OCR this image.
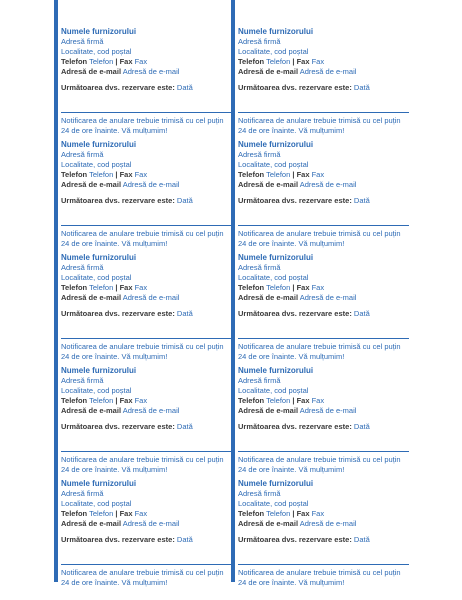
Numele furnizorului
Adresă firmă
Localitate, cod poștal
Telefon Telefon | Fax Fax
Adresă de e-mail Adresă de e-mail
Următoarea dvs. rezervare este: Dată
Notificarea de anulare trebuie trimisă cu cel puțin 24 de ore înainte. Vă mulțumim!
Numele furnizorului
Adresă firmă
Localitate, cod poștal
Telefon Telefon | Fax Fax
Adresă de e-mail Adresă de e-mail
Următoarea dvs. rezervare este: Dată
Notificarea de anulare trebuie trimisă cu cel puțin 24 de ore înainte. Vă mulțumim!
Numele furnizorului
Adresă firmă
Localitate, cod poștal
Telefon Telefon | Fax Fax
Adresă de e-mail Adresă de e-mail
Următoarea dvs. rezervare este: Dată
Notificarea de anulare trebuie trimisă cu cel puțin 24 de ore înainte. Vă mulțumim!
Numele furnizorului
Adresă firmă
Localitate, cod poștal
Telefon Telefon | Fax Fax
Adresă de e-mail Adresă de e-mail
Următoarea dvs. rezervare este: Dată
Notificarea de anulare trebuie trimisă cu cel puțin 24 de ore înainte. Vă mulțumim!
Numele furnizorului
Adresă firmă
Localitate, cod poștal
Telefon Telefon | Fax Fax
Adresă de e-mail Adresă de e-mail
Următoarea dvs. rezervare este: Dată
Notificarea de anulare trebuie trimisă cu cel puțin 24 de ore înainte. Vă mulțumim!
Numele furnizorului
Adresă firmă
Localitate, cod poștal
Telefon Telefon | Fax Fax
Adresă de e-mail Adresă de e-mail
Următoarea dvs. rezervare este: Dată
Notificarea de anulare trebuie trimisă cu cel puțin 24 de ore înainte. Vă mulțumim!
Numele furnizorului
Adresă firmă
Localitate, cod poștal
Telefon Telefon | Fax Fax
Adresă de e-mail Adresă de e-mail
Următoarea dvs. rezervare este: Dată
Notificarea de anulare trebuie trimisă cu cel puțin 24 de ore înainte. Vă mulțumim!
Numele furnizorului
Adresă firmă
Localitate, cod poștal
Telefon Telefon | Fax Fax
Adresă de e-mail Adresă de e-mail
Următoarea dvs. rezervare este: Dată
Notificarea de anulare trebuie trimisă cu cel puțin 24 de ore înainte. Vă mulțumim!
Numele furnizorului
Adresă firmă
Localitate, cod poștal
Telefon Telefon | Fax Fax
Adresă de e-mail Adresă de e-mail
Următoarea dvs. rezervare este: Dată
Notificarea de anulare trebuie trimisă cu cel puțin 24 de ore înainte. Vă mulțumim!
Numele furnizorului
Adresă firmă
Localitate, cod poștal
Telefon Telefon | Fax Fax
Adresă de e-mail Adresă de e-mail
Următoarea dvs. rezervare este: Dată
Notificarea de anulare trebuie trimisă cu cel puțin 24 de ore înainte. Vă mulțumim!
